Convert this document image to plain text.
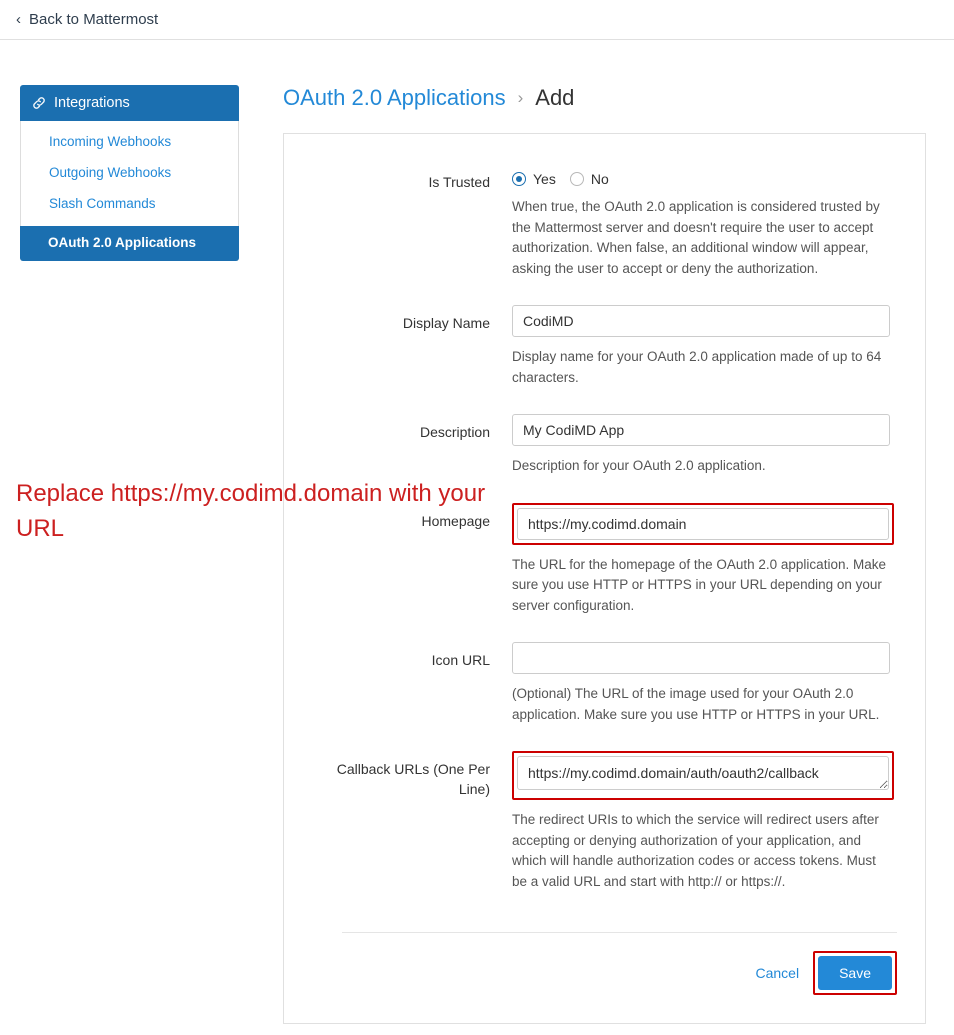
‹ Back to Mattermost
Integrations
Incoming Webhooks
Outgoing Webhooks
Slash Commands
OAuth 2.0 Applications
OAuth 2.0 Applications › Add
Is Trusted	Yes	No
When true, the OAuth 2.0 application is considered trusted by the Mattermost server and doesn't require the user to accept authorization. When false, an additional window will appear, asking the user to accept or deny the authorization.
Display Name
CodiMD
Display name for your OAuth 2.0 application made of up to 64 characters.
Description
My CodiMD App
Description for your OAuth 2.0 application.
Homepage
https://my.codimd.domain
The URL for the homepage of the OAuth 2.0 application. Make sure you use HTTP or HTTPS in your URL depending on your server configuration.
Icon URL
(Optional) The URL of the image used for your OAuth 2.0 application. Make sure you use HTTP or HTTPS in your URL.
Callback URLs (One Per Line)
https://my.codimd.domain/auth/oauth2/callback
The redirect URIs to which the service will redirect users after accepting or denying authorization of your application, and which will handle authorization codes or access tokens. Must be a valid URL and start with http:// or https://.
Cancel	Save
Replace https://my.codimd.domain with your URL
